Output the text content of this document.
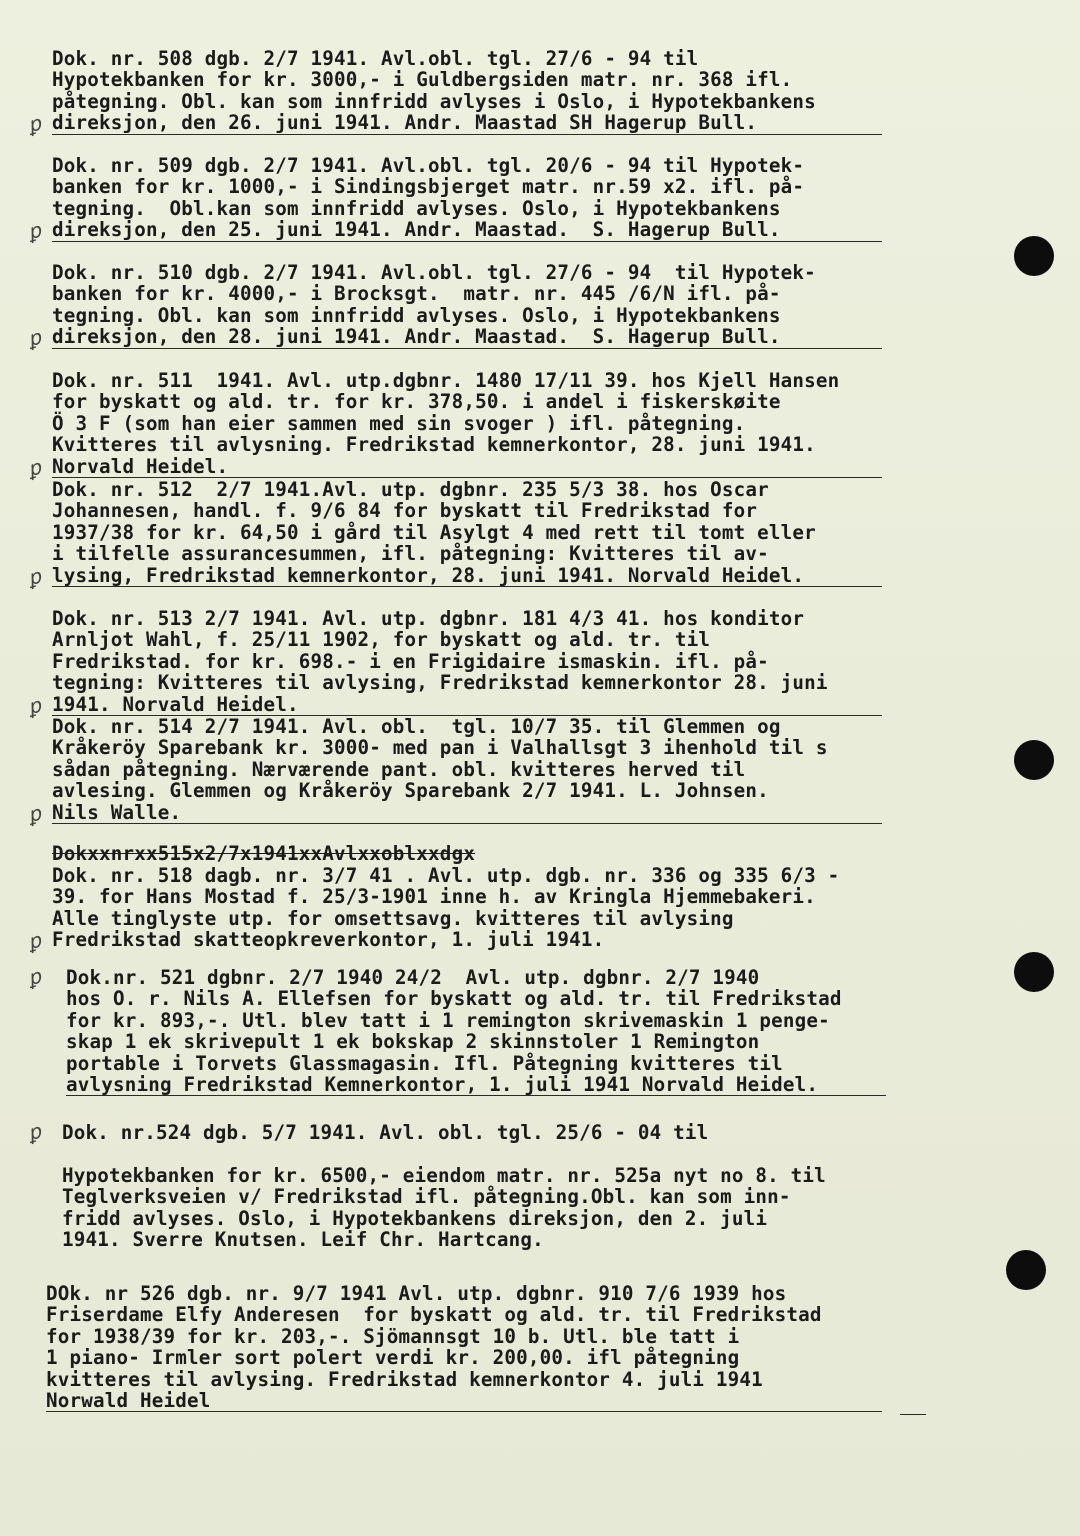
Dok. nr. 508 dgb. 2/7 1941. Avl.obl. tgl. 27/6 - 94 til
Hypotekbanken for kr. 3000,- i Guldbergsiden matr. nr. 368 ifl.
påtegning. Obl. kan som innfridd avlyses i Oslo, i Hypotekbankens
direksjon, den 26. juni 1941. Andr. Maastad SH Hagerup Bull.
ꝑ
Dok. nr. 509 dgb. 2/7 1941. Avl.obl. tgl. 20/6 - 94 til Hypotek-
banken for kr. 1000,- i Sindingsbjerget matr. nr.59 x2. ifl. på-
tegning.  Obl.kan som innfridd avlyses. Oslo, i Hypotekbankens
direksjon, den 25. juni 1941. Andr. Maastad.  S. Hagerup Bull.
ꝑ
Dok. nr. 510 dgb. 2/7 1941. Avl.obl. tgl. 27/6 - 94  til Hypotek-
banken for kr. 4000,- i Brocksgt.  matr. nr. 445 /6/N ifl. på-
tegning. Obl. kan som innfridd avlyses. Oslo, i Hypotekbankens
direksjon, den 28. juni 1941. Andr. Maastad.  S. Hagerup Bull.
ꝑ
Dok. nr. 511  1941. Avl. utp.dgbnr. 1480 17/11 39. hos Kjell Hansen
for byskatt og ald. tr. for kr. 378,50. i andel i fiskerskøite
Ö 3 F (som han eier sammen med sin svoger ) ifl. påtegning.
Kvitteres til avlysning. Fredrikstad kemnerkontor, 28. juni 1941.
Norvald Heidel.
ꝑ
Dok. nr. 512  2/7 1941.Avl. utp. dgbnr. 235 5/3 38. hos Oscar
Johannesen, handl. f. 9/6 84 for byskatt til Fredrikstad for
1937/38 for kr. 64,50 i gård til Asylgt 4 med rett til tomt eller
i tilfelle assurancesummen, ifl. påtegning: Kvitteres til av-
lysing, Fredrikstad kemnerkontor, 28. juni 1941. Norvald Heidel.
ꝑ
Dok. nr. 513 2/7 1941. Avl. utp. dgbnr. 181 4/3 41. hos konditor
Arnljot Wahl, f. 25/11 1902, for byskatt og ald. tr. til
Fredrikstad. for kr. 698.- i en Frigidaire ismaskin. ifl. på-
tegning: Kvitteres til avlysing, Fredrikstad kemnerkontor 28. juni
1941. Norvald Heidel.
ꝑ
Dok. nr. 514 2/7 1941. Avl. obl.  tgl. 10/7 35. til Glemmen og
Kråkeröy Sparebank kr. 3000- med pan i Valhallsgt 3 ihenhold til s
sådan påtegning. Nærværende pant. obl. kvitteres herved til
avlesing. Glemmen og Kråkeröy Sparebank 2/7 1941. L. Johnsen.
Nils Walle.
ꝑ
Dokxxnrxx515x2/7x1941xxAvlxxoblxxdgx
Dok. nr. 518 dagb. nr. 3/7 41 . Avl. utp. dgb. nr. 336 og 335 6/3 -
39. for Hans Mostad f. 25/3-1901 inne h. av Kringla Hjemmebakeri.
Alle tinglyste utp. for omsettsavg. kvitteres til avlysing
Fredrikstad skatteopkreverkontor, 1. juli 1941.
ꝑ
Dok.nr. 521 dgbnr. 2/7 1940 24/2  Avl. utp. dgbnr. 2/7 1940
hos O. r. Nils A. Ellefsen for byskatt og ald. tr. til Fredrikstad
for kr. 893,-. Utl. blev tatt i 1 remington skrivemaskin 1 penge-
skap 1 ek skrivepult 1 ek bokskap 2 skinnstoler 1 Remington
portable i Torvets Glassmagasin. Ifl. Påtegning kvitteres til
avlysning Fredrikstad Kemnerkontor, 1. juli 1941 Norvald Heidel.
ꝑ
Dok. nr.524 dgb. 5/7 1941. Avl. obl. tgl. 25/6 - 04 til
Hypotekbanken for kr. 6500,- eiendom matr. nr. 525a nyt no 8. til
Teglverksveien v/ Fredrikstad ifl. påtegning.Obl. kan som inn-
fridd avlyses. Oslo, i Hypotekbankens direksjon, den 2. juli
1941. Sverre Knutsen. Leif Chr. Hartcang.
ꝑ
DOk. nr 526 dgb. nr. 9/7 1941 Avl. utp. dgbnr. 910 7/6 1939 hos
Friserdame Elfy Anderesen  for byskatt og ald. tr. til Fredrikstad
for 1938/39 for kr. 203,-. Sjömannsgt 10 b. Utl. ble tatt i
1 piano- Irmler sort polert verdi kr. 200,00. ifl påtegning
kvitteres til avlysing. Fredrikstad kemnerkontor 4. juli 1941
Norwald Heidel
